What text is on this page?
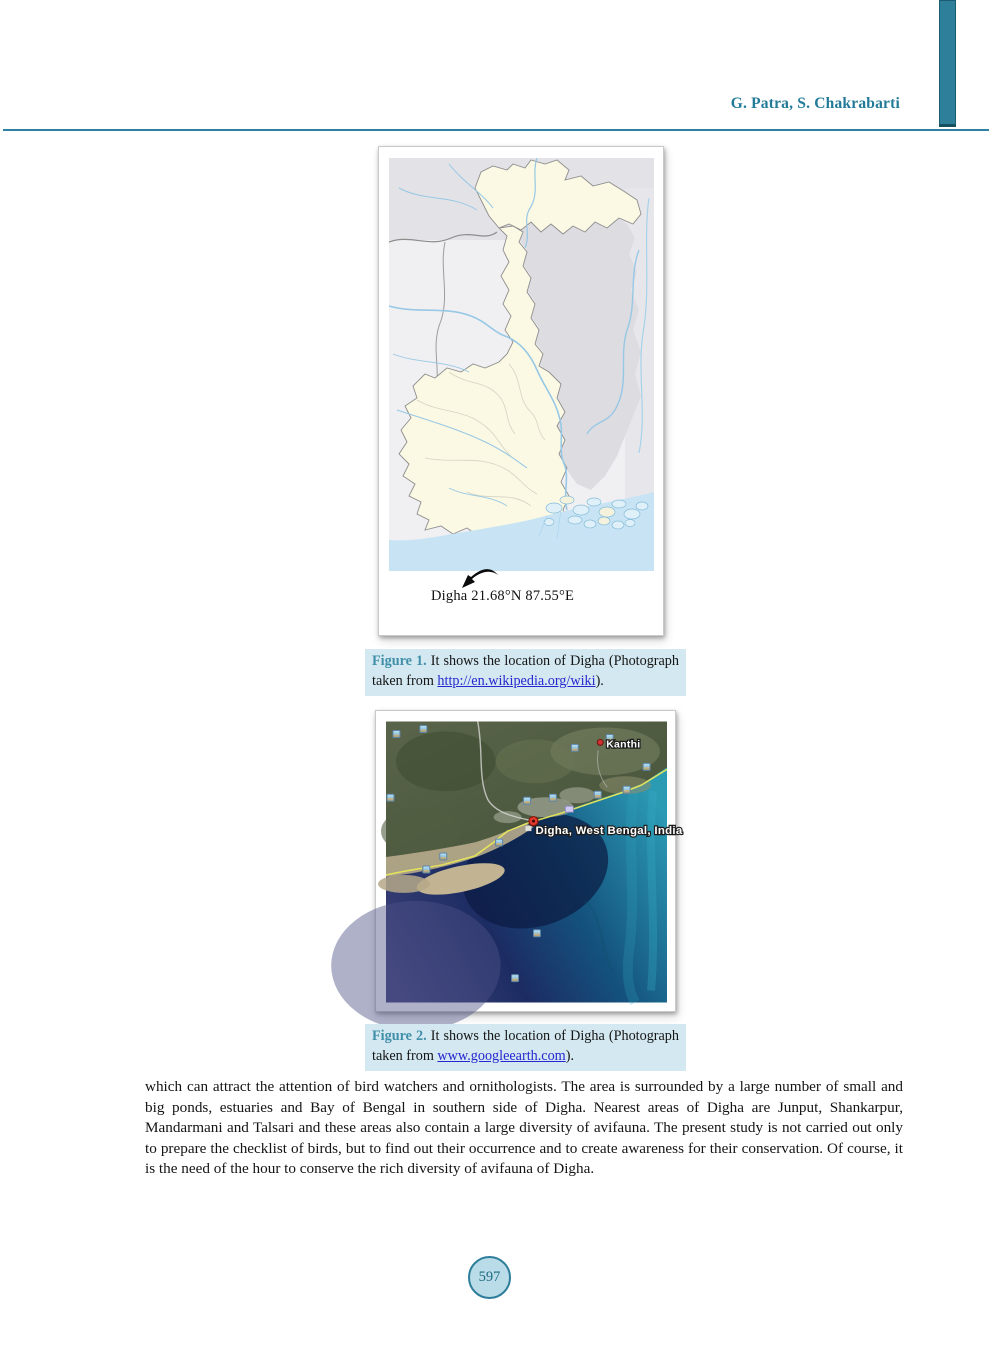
G. Patra, S. Chakrabarti
Digha 21.68°N 87.55°E
Figure 1. It shows the location of Digha (Photograph taken from http://en.wikipedia.org/wiki).
Kanthi
Digha, West Bengal, India
Figure 2. It shows the location of Digha (Photograph taken from www.googleearth.com).
which can attract the attention of bird watchers and ornithologists. The area is surrounded by a large number of small and big ponds, estuaries and Bay of Bengal in southern side of Digha. Nearest areas of Digha are Junput, Shankarpur, Mandarmani and Talsari and these areas also contain a large diversity of avifauna. The present study is not carried out only to prepare the checklist of birds, but to find out their occurrence and to create awareness for their conservation. Of course, it is the need of the hour to conserve the rich diversity of avifauna of Digha.
597
